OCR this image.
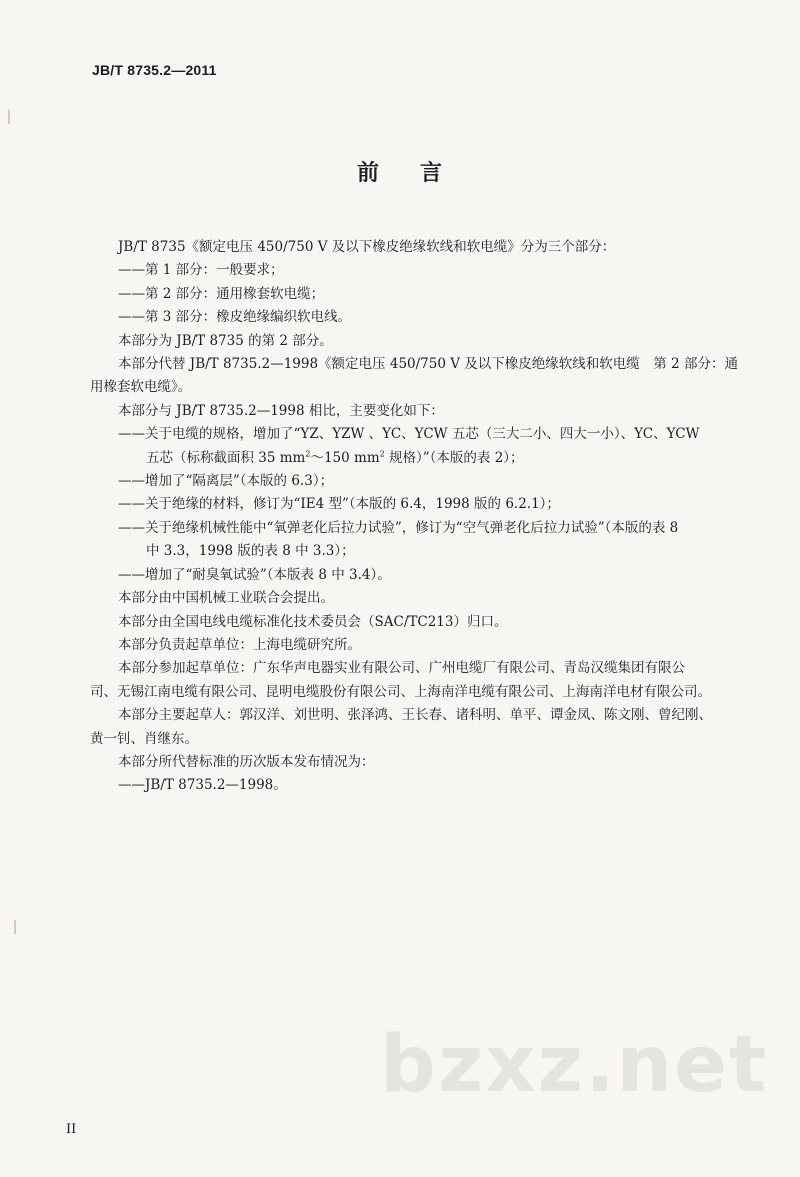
JB/T 8735.2—2011
前 言
JB/T 8735《额定电压 450/750 V 及以下橡皮绝缘软线和软电缆》分为三个部分：
——第 1 部分：一般要求；
——第 2 部分：通用橡套软电缆；
——第 3 部分：橡皮绝缘编织软电线。
本部分为 JB/T 8735 的第 2 部分。
本部分代替 JB/T 8735.2—1998《额定电压 450/750 V 及以下橡皮绝缘软线和软电缆　第 2 部分：通
用橡套软电缆》。
本部分与 JB/T 8735.2—1998 相比，主要变化如下：
——关于电缆的规格，增加了“YZ、YZW 、YC、YCW 五芯（三大二小、四大一小）、YC、YCW
五芯（标称截面积 35 $mm^2\sim 150$ $mm^2$ 规格）”（本版的表 2）；
——增加了“隔离层”（本版的 6.3）；
——关于绝缘的材料，修订为“IE4 型”（本版的 6.4，1998 版的 6.2.1）；
——关于绝缘机械性能中“氧弹老化后拉力试验”，修订为“空气弹老化后拉力试验”（本版的表 8
中 3.3，1998 版的表 8 中 3.3）；
——增加了“耐臭氧试验”（本版表 8 中 3.4）。
本部分由中国机械工业联合会提出。
本部分由全国电线电缆标准化技术委员会（SAC/TC213）归口。
本部分负责起草单位：上海电缆研究所。
本部分参加起草单位：广东华声电器实业有限公司、广州电缆厂有限公司、青岛汉缆集团有限公
司、无锡江南电缆有限公司、昆明电缆股份有限公司、上海南洋电缆有限公司、上海南洋电材有限公司。
本部分主要起草人：郭汉洋、刘世明、张泽鸿、王长春、诸科明、单平、谭金凤、陈文刚、曾纪刚、
黄一钊、肖继东。
本部分所代替标准的历次版本发布情况为：
——JB/T 8735.2—1998。
bzxz.net
II
